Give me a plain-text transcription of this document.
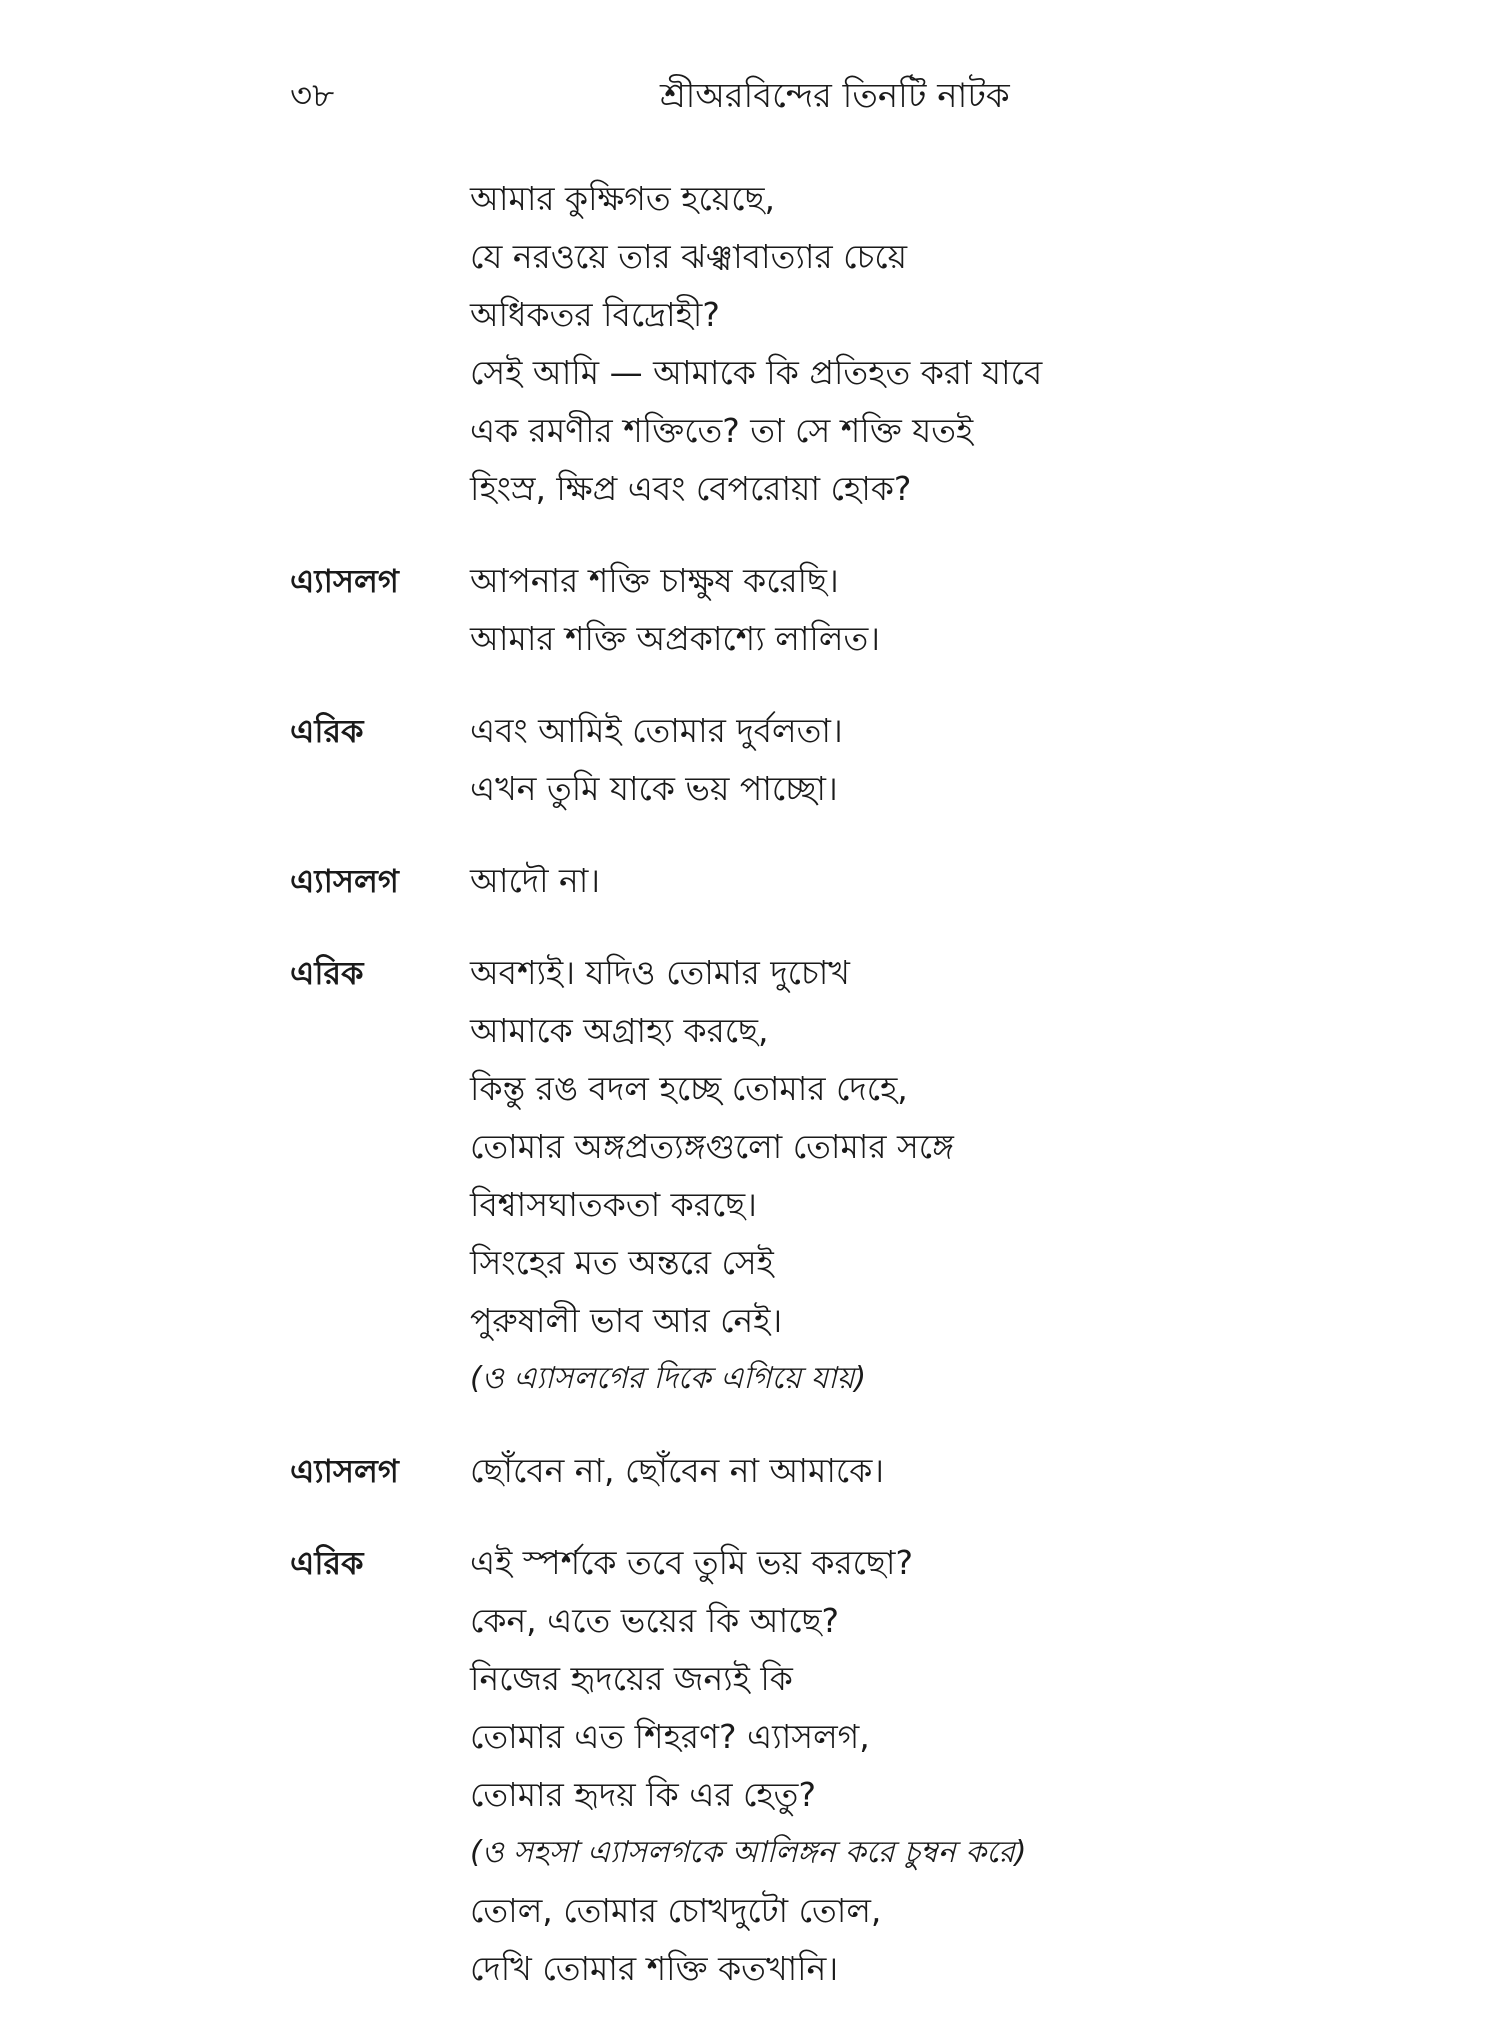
৩৮	শ্রীঅরবিন্দের তিনটি নাটক
আমার কুক্ষিগত হয়েছে,
যে নরওয়ে তার ঝঞ্ঝাবাত্যার চেয়ে
অধিকতর বিদ্রোহী?
সেই আমি — আমাকে কি প্রতিহত করা যাবে
এক রমণীর শক্তিতে? তা সে শক্তি যতই
হিংস্র, ক্ষিপ্র এবং বেপরোয়া হোক?
এ্যাসলগ	আপনার শক্তি চাক্ষুষ করেছি।
আমার শক্তি অপ্রকাশ্যে লালিত।
এরিক	এবং আমিই তোমার দুর্বলতা।
এখন তুমি যাকে ভয় পাচ্ছো।
এ্যাসলগ	আদৌ না।
এরিক	অবশ্যই। যদিও তোমার দুচোখ
আমাকে অগ্রাহ্য করছে,
কিন্তু রঙ বদল হচ্ছে তোমার দেহে,
তোমার অঙ্গপ্রত্যঙ্গগুলো তোমার সঙ্গে
বিশ্বাসঘাতকতা করছে।
সিংহের মত অন্তরে সেই
পুরুষালী ভাব আর নেই।
(ও এ্যাসলগের দিকে এগিয়ে যায়)
এ্যাসলগ	ছোঁবেন না, ছোঁবেন না আমাকে।
এরিক	এই স্পর্শকে তবে তুমি ভয় করছো?
কেন, এতে ভয়ের কি আছে?
নিজের হৃদয়ের জন্যই কি
তোমার এত শিহরণ? এ্যাসলগ,
তোমার হৃদয় কি এর হেতু?
(ও সহসা এ্যাসলগকে আলিঙ্গন করে চুম্বন করে)
তোল, তোমার চোখদুটো তোল,
দেখি তোমার শক্তি কতখানি।
